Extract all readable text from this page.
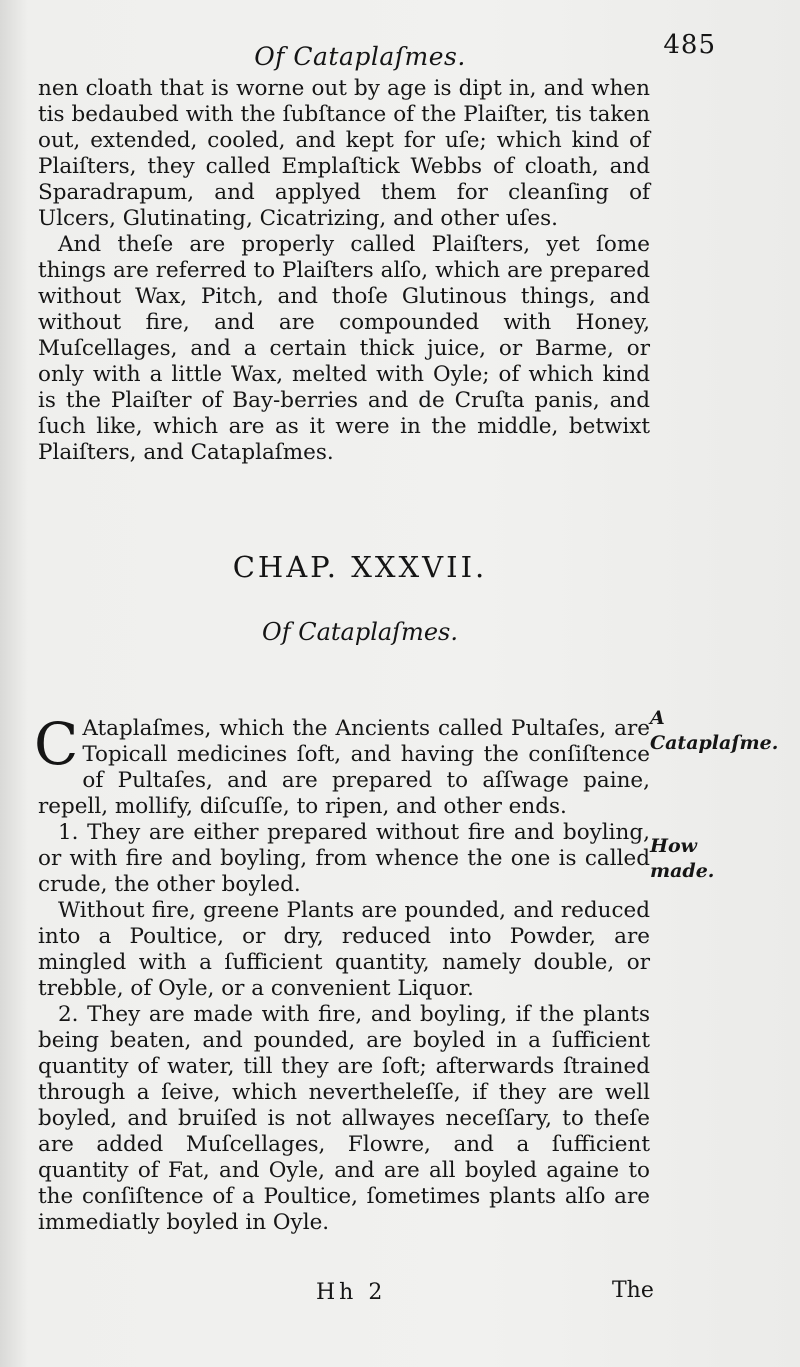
Of Cataplaſmes.	485

nen cloath that is worne out by age is dipt in, and when tis bedaubed with the ſubſtance of the Plaiſter, tis taken out, extended, cooled, and kept for uſe; which kind of Plaiſters, they called Emplaſtick Webbs of cloath, and Sparadrapum, and applyed them for cleanſing of Ulcers, Glutinating, Cicatrizing, and other uſes.

And theſe are properly called Plaiſters, yet ſome things are referred to Plaiſters alſo, which are prepared without Wax, Pitch, and thoſe Glutinous things, and without fire, and are compounded with Honey, Muſcellages, and a certain thick juice, or Barme, or only with a little Wax, melted with Oyle; of which kind is the Plaiſter of Bay-berries and de Cruſta panis, and ſuch like, which are as it were in the middle, betwixt Plaiſters, and Cataplaſmes.

CHAP. XXXVII.
Of Cataplaſmes.

C Ataplaſmes, which the Ancients called Pultaſes, are Topicall medicines ſoft, and having the conſiſtence of Pultaſes, and are prepared to aſſwage paine, repell, mollify, diſcuſſe, to ripen, and other ends.

1. They are either prepared without fire and boyling, or with fire and boyling, from whence the one is called crude, the other boyled.

Without fire, greene Plants are pounded, and reduced into a Poultice, or dry, reduced into Powder, are mingled with a ſufficient quantity, namely double, or trebble, of Oyle, or a convenient Liquor.

2. They are made with fire, and boyling, if the plants being beaten, and pounded, are boyled in a ſufficient quantity of water, till they are ſoft; afterwards ſtrained through a ſeive, which neverthelеſſe, if they are well boyled, and bruiſed is not allwayes neceſſary, to theſe are added Muſcellages, Flowre, and a ſufficient quantity of Fat, and Oyle, and are all boyled againe to the conſiſtence of a Poultice, ſometimes plants alſo are immediatly boyled in Oyle.

A Cataplaſme.
How made.
Hh 2	The
